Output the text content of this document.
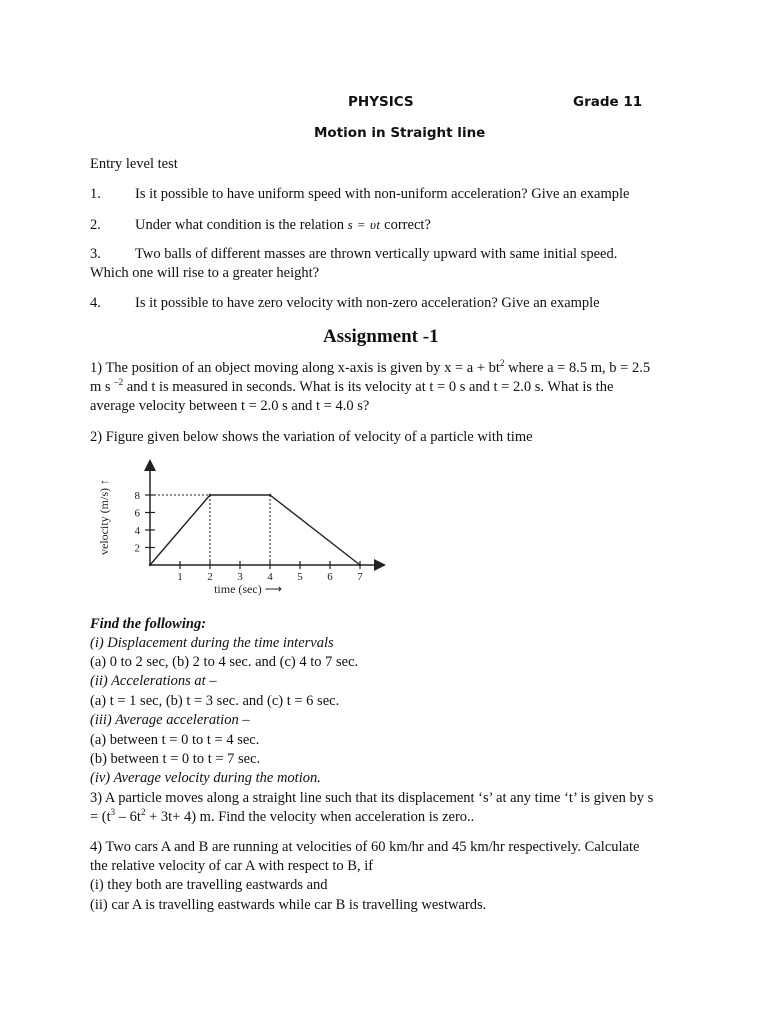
PHYSICS	Grade 11
Motion in Straight line
Entry level test
1. Is it possible to have uniform speed with non-uniform acceleration? Give an example
2. Under what condition is the relation s = υt correct?
3. Two balls of different masses are thrown vertically upward with same initial speed.
Which one will rise to a greater height?
4. Is it possible to have zero velocity with non-zero acceleration? Give an example
Assignment -1
1) The position of an object moving along x-axis is given by $x = a + bt^2$ where a = 8.5 m, b = 2.5
m s $^{-2}$ and t is measured in seconds. What is its velocity at t = 0 s and t = 2.0 s. What is the
average velocity between t = 2.0 s and t = 4.0 s?
2) Figure given below shows the variation of velocity of a particle with time
2
4
6
8
1 2 3 4 5 6 7
time (sec) ⟶
velocity (m/s) ↑
Find the following:
(i) Displacement during the time intervals
(a) 0 to 2 sec, (b) 2 to 4 sec. and (c) 4 to 7 sec.
(ii) Accelerations at –
(a) t = 1 sec, (b) t = 3 sec. and (c) t = 6 sec.
(iii) Average acceleration –
(a) between t = 0 to t = 4 sec.
(b) between t = 0 to t = 7 sec.
(iv) Average velocity during the motion.
3) A particle moves along a straight line such that its displacement ‘s’ at any time ‘t’ is given by s
= $(t^3 - 6t^2 + 3t+ 4)$ m. Find the velocity when acceleration is zero..
4) Two cars A and B are running at velocities of 60 km/hr and 45 km/hr respectively. Calculate
the relative velocity of car A with respect to B, if
(i) they both are travelling eastwards and
(ii) car A is travelling eastwards while car B is travelling westwards.
